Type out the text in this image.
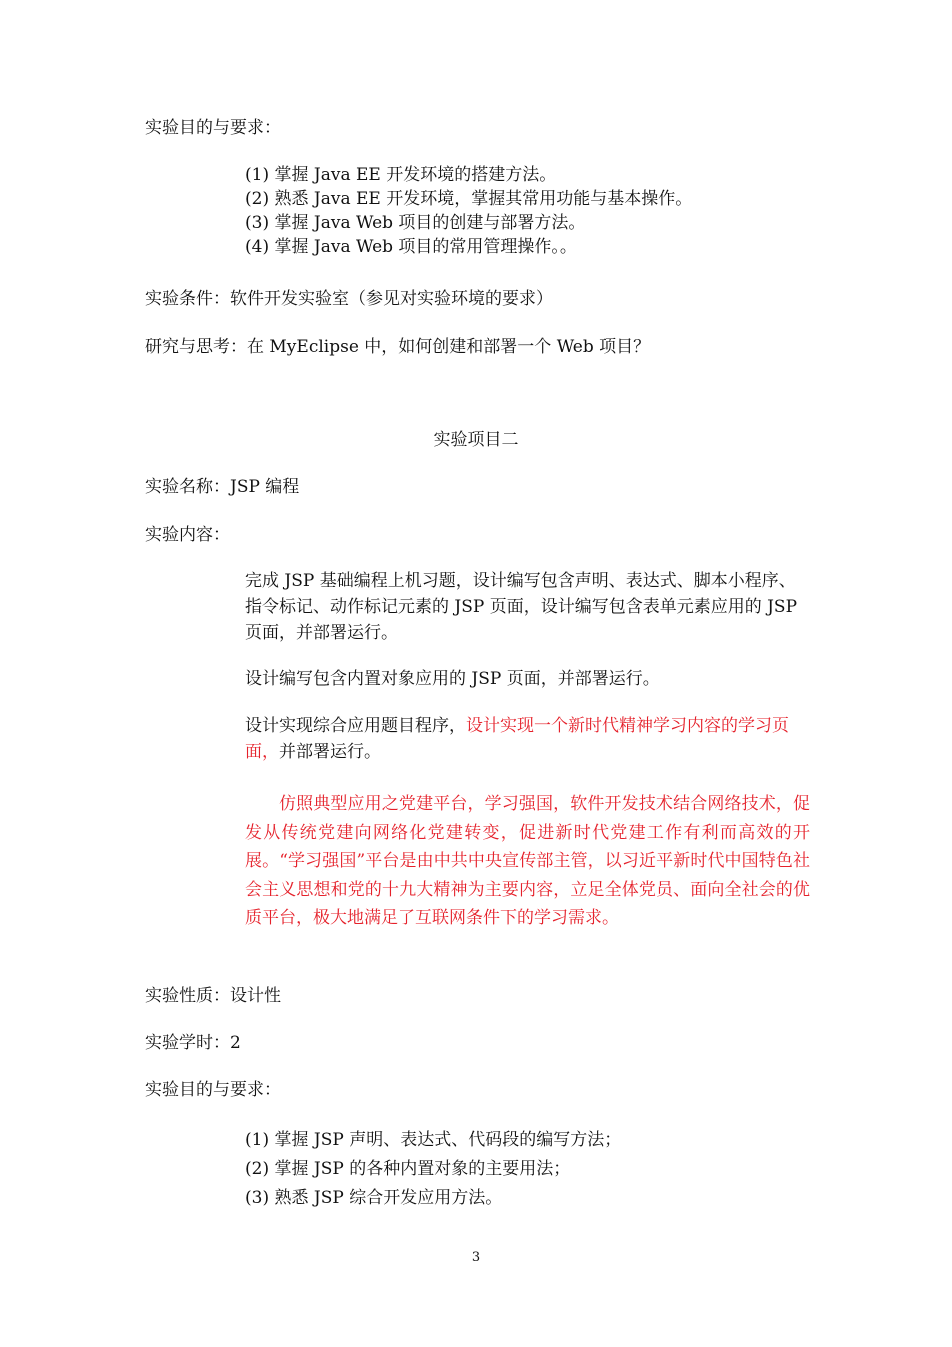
实验目的与要求：
(1) 掌握 Java EE 开发环境的搭建方法。
(2) 熟悉 Java EE 开发环境，掌握其常用功能与基本操作。
(3) 掌握 Java Web 项目的创建与部署方法。
(4) 掌握 Java Web 项目的常用管理操作。。
实验条件：软件开发实验室（参见对实验环境的要求）
研究与思考：在 MyEclipse 中，如何创建和部署一个 Web 项目？
实验项目二
实验名称：JSP 编程
实验内容：
完成 JSP 基础编程上机习题，设计编写包含声明、表达式、脚本小程序、指令标记、动作标记元素的 JSP 页面，设计编写包含表单元素应用的 JSP 页面，并部署运行。
设计编写包含内置对象应用的 JSP 页面，并部署运行。
设计实现综合应用题目程序，设计实现一个新时代精神学习内容的学习页面，并部署运行。
仿照典型应用之党建平台，学习强国，软件开发技术结合网络技术，促发从传统党建向网络化党建转变，促进新时代党建工作有利而高效的开展。“学习强国”平台是由中共中央宣传部主管，以习近平新时代中国特色社会主义思想和党的十九大精神为主要内容，立足全体党员、面向全社会的优质平台，极大地满足了互联网条件下的学习需求。
实验性质：设计性
实验学时：2
实验目的与要求：
(1) 掌握 JSP 声明、表达式、代码段的编写方法；
(2) 掌握 JSP 的各种内置对象的主要用法；
(3) 熟悉 JSP 综合开发应用方法。
3
